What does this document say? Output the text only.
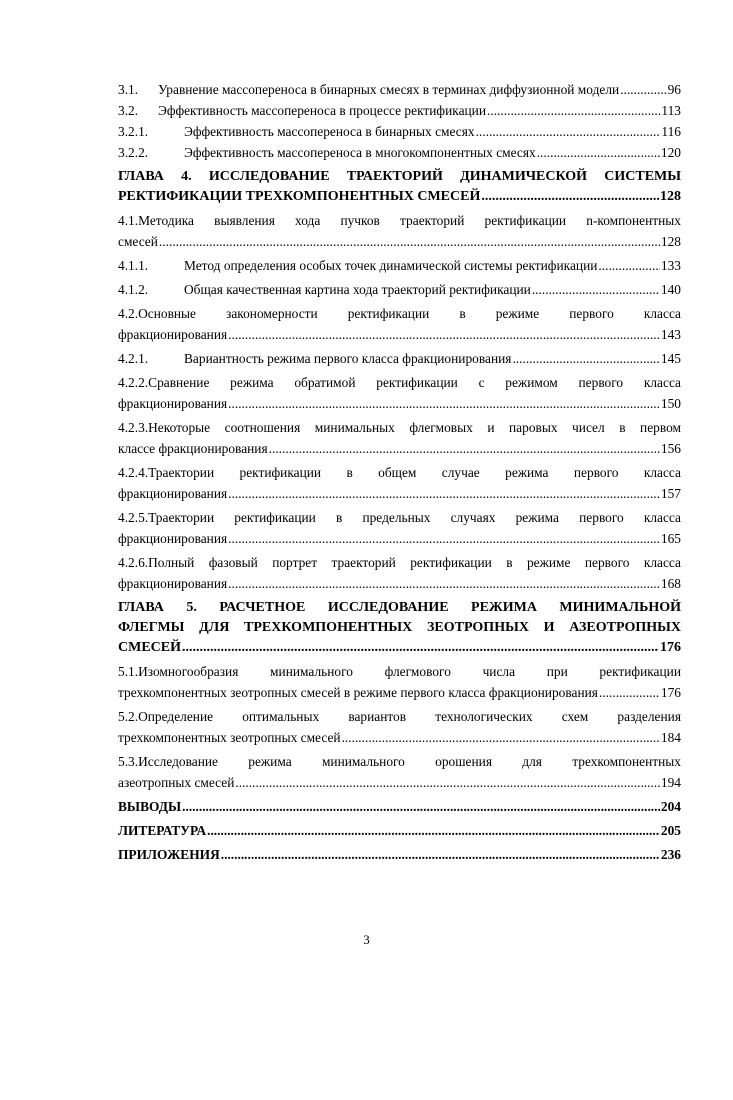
3.1.	Уравнение массопереноса в бинарных смесях в терминах диффузионной модели .....	96
3.2.	Эффективность массопереноса в процессе ректификации .....	113
3.2.1.	Эффективность массопереноса в бинарных смесях .....	116
3.2.2.	Эффективность массопереноса в многокомпонентных смесях .....	120
ГЛАВА 4. ИССЛЕДОВАНИЕ ТРАЕКТОРИЙ ДИНАМИЧЕСКОЙ СИСТЕМЫ
РЕКТИФИКАЦИИ ТРЕХКОМПОНЕНТНЫХ СМЕСЕЙ .....	128
4.1.Методика выявления хода пучков траекторий ректификации n-компонентных
смесей .....	128
4.1.1.	Метод определения особых точек динамической системы ректификации .....	133
4.1.2.	Общая качественная картина хода траекторий ректификации .....	140
4.2.Основные закономерности ректификации в режиме первого класса
фракционирования .....	143
4.2.1.	Вариантность режима первого класса фракционирования .....	145
4.2.2.Сравнение режима обратимой ректификации с режимом первого класса
фракционирования .....	150
4.2.3.Некоторые соотношения минимальных флегмовых и паровых чисел в первом
классе фракционирования .....	156
4.2.4.Траектории ректификации в общем случае режима первого класса
фракционирования .....	157
4.2.5.Траектории ректификации в предельных случаях режима первого класса
фракционирования .....	165
4.2.6.Полный фазовый портрет траекторий ректификации в режиме первого класса
фракционирования .....	168
ГЛАВА 5. РАСЧЕТНОЕ ИССЛЕДОВАНИЕ РЕЖИМА МИНИМАЛЬНОЙ
ФЛЕГМЫ ДЛЯ ТРЕХКОМПОНЕНТНЫХ ЗЕОТРОПНЫХ И АЗЕОТРОПНЫХ
СМЕСЕЙ .....	176
5.1.Изомногообразия минимального флегмового числа при ректификации
трехкомпонентных зеотропных смесей в режиме первого класса фракционирования .....	176
5.2.Определение оптимальных вариантов технологических схем разделения
трехкомпонентных зеотропных смесей .....	184
5.3.Исследование режима минимального орошения для трехкомпонентных
азеотропных смесей .....	194
ВЫВОДЫ .....	204
ЛИТЕРАТУРА .....	205
ПРИЛОЖЕНИЯ .....	236
3
